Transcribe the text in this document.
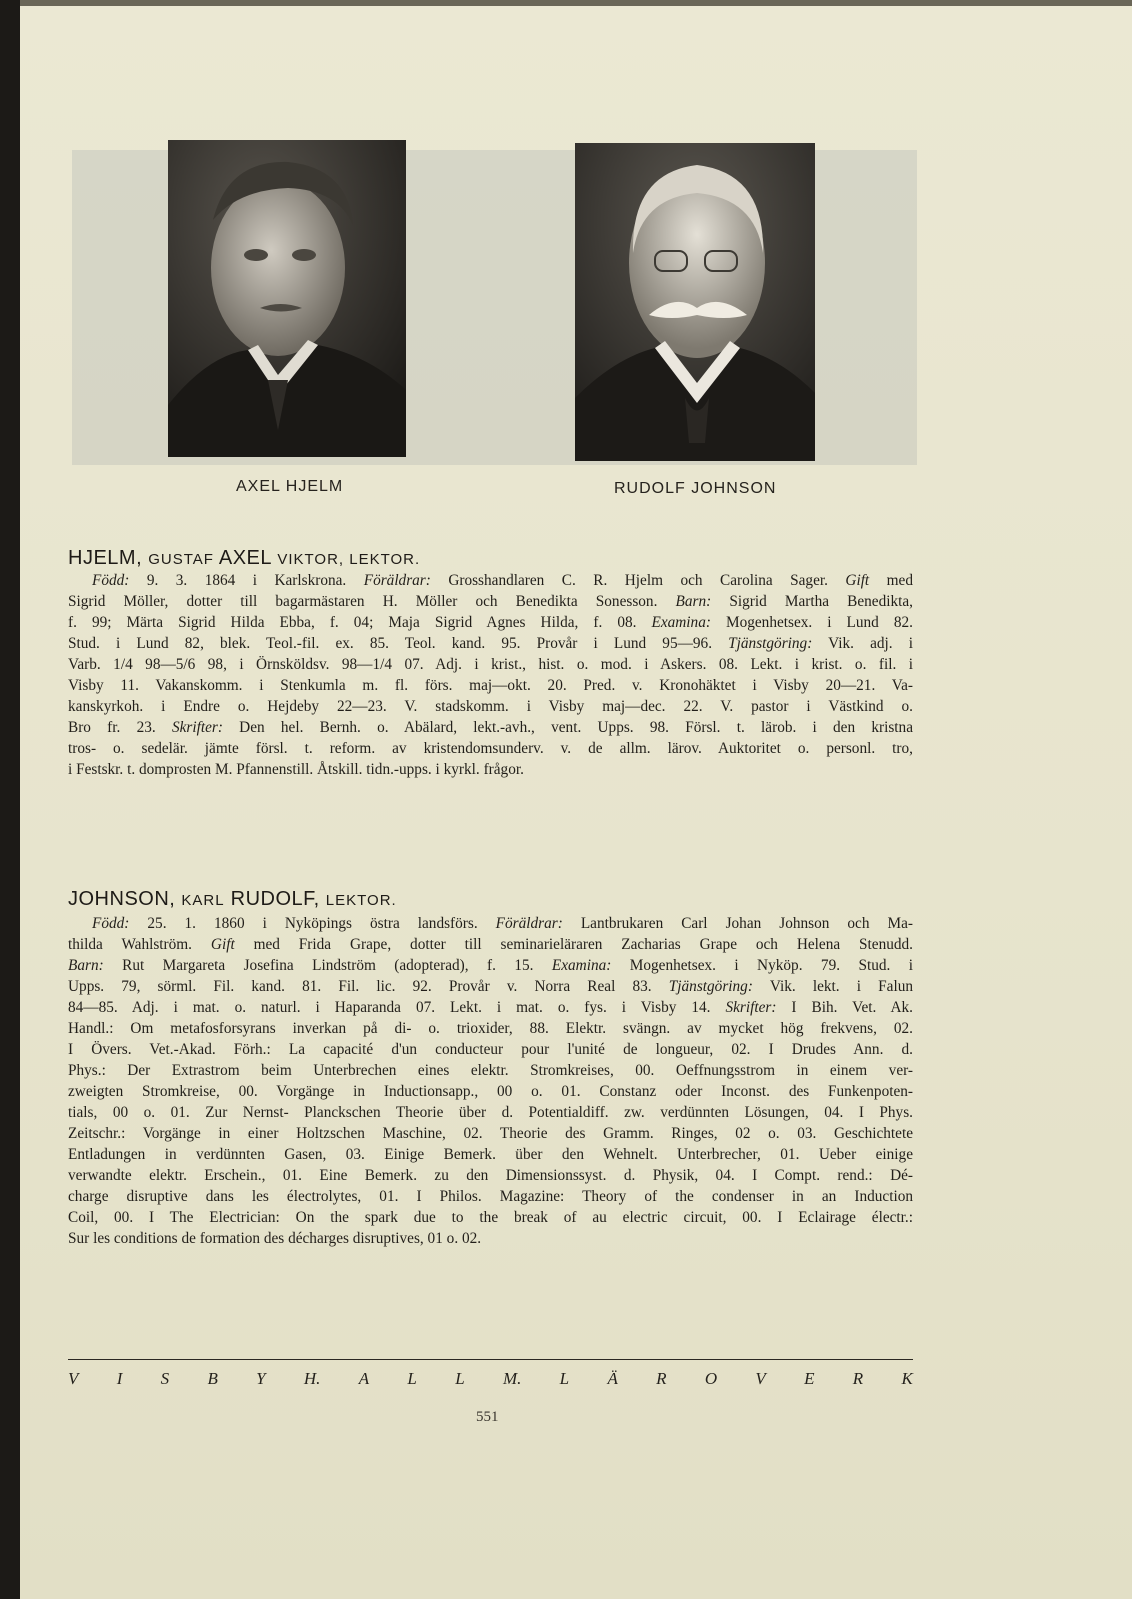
AXEL HJELM	RUDOLF JOHNSON
HJELM, GUSTAF AXEL VIKTOR, LEKTOR.
Född: 9. 3. 1864 i Karlskrona. Föräldrar: Grosshandlaren C. R. Hjelm och Carolina Sager. Gift med
Sigrid Möller, dotter till bagarmästaren H. Möller och Benedikta Sonesson. Barn: Sigrid Martha Benedikta,
f. 99; Märta Sigrid Hilda Ebba, f. 04; Maja Sigrid Agnes Hilda, f. 08. Examina: Mogenhetsex. i Lund 82.
Stud. i Lund 82, blek. Teol.-fil. ex. 85. Teol. kand. 95. Provår i Lund 95—96. Tjänstgöring: Vik. adj. i
Varb. 1/4 98—5/6 98, i Örnsköldsv. 98—1/4 07. Adj. i krist., hist. o. mod. i Askers. 08. Lekt. i krist. o. fil. i
Visby 11. Vakanskomm. i Stenkumla m. fl. förs. maj—okt. 20. Pred. v. Kronohäktet i Visby 20—21. Va-
kanskyrkoh. i Endre o. Hejdeby 22—23. V. stadskomm. i Visby maj—dec. 22. V. pastor i Västkind o.
Bro fr. 23. Skrifter: Den hel. Bernh. o. Abälard, lekt.-avh., vent. Upps. 98. Försl. t. lärob. i den kristna
tros- o. sedelär. jämte försl. t. reform. av kristendomsunderv. v. de allm. lärov. Auktoritet o. personl. tro,
i Festskr. t. domprosten M. Pfannenstill. Åtskill. tidn.-upps. i kyrkl. frågor.
JOHNSON, KARL RUDOLF, LEKTOR.
Född: 25. 1. 1860 i Nyköpings östra landsförs. Föräldrar: Lantbrukaren Carl Johan Johnson och Ma-
thilda Wahlström. Gift med Frida Grape, dotter till seminarieläraren Zacharias Grape och Helena Stenudd.
Barn: Rut Margareta Josefina Lindström (adopterad), f. 15. Examina: Mogenhetsex. i Nyköp. 79. Stud. i
Upps. 79, sörml. Fil. kand. 81. Fil. lic. 92. Provår v. Norra Real 83. Tjänstgöring: Vik. lekt. i Falun
84—85. Adj. i mat. o. naturl. i Haparanda 07. Lekt. i mat. o. fys. i Visby 14. Skrifter: I Bih. Vet. Ak.
Handl.: Om metafosforsyrans inverkan på di- o. trioxider, 88. Elektr. svängn. av mycket hög frekvens, 02.
I Övers. Vet.-Akad. Förh.: La capacité d'un conducteur pour l'unité de longueur, 02. I Drudes Ann. d.
Phys.: Der Extrastrom beim Unterbrechen eines elektr. Stromkreises, 00. Oeffnungsstrom in einem ver-
zweigten Stromkreise, 00. Vorgänge in Inductionsapp., 00 o. 01. Constanz oder Inconst. des Funkenpoten-
tials, 00 o. 01. Zur Nernst- Planckschen Theorie über d. Potentialdiff. zw. verdünnten Lösungen, 04. I Phys.
Zeitschr.: Vorgänge in einer Holtzschen Maschine, 02. Theorie des Gramm. Ringes, 02 o. 03. Geschichtete
Entladungen in verdünnten Gasen, 03. Einige Bemerk. über den Wehnelt. Unterbrecher, 01. Ueber einige
verwandte elektr. Erschein., 01. Eine Bemerk. zu den Dimensionssyst. d. Physik, 04. I Compt. rend.: Dé-
charge disruptive dans les électrolytes, 01. I Philos. Magazine: Theory of the condenser in an Induction
Coil, 00. I The Electrician: On the spark due to the break of au electric circuit, 00. I Eclairage électr.:
Sur les conditions de formation des décharges disruptives, 01 o. 02.
V I S B Y H. A L L M. L Ä R O V E R K
551
